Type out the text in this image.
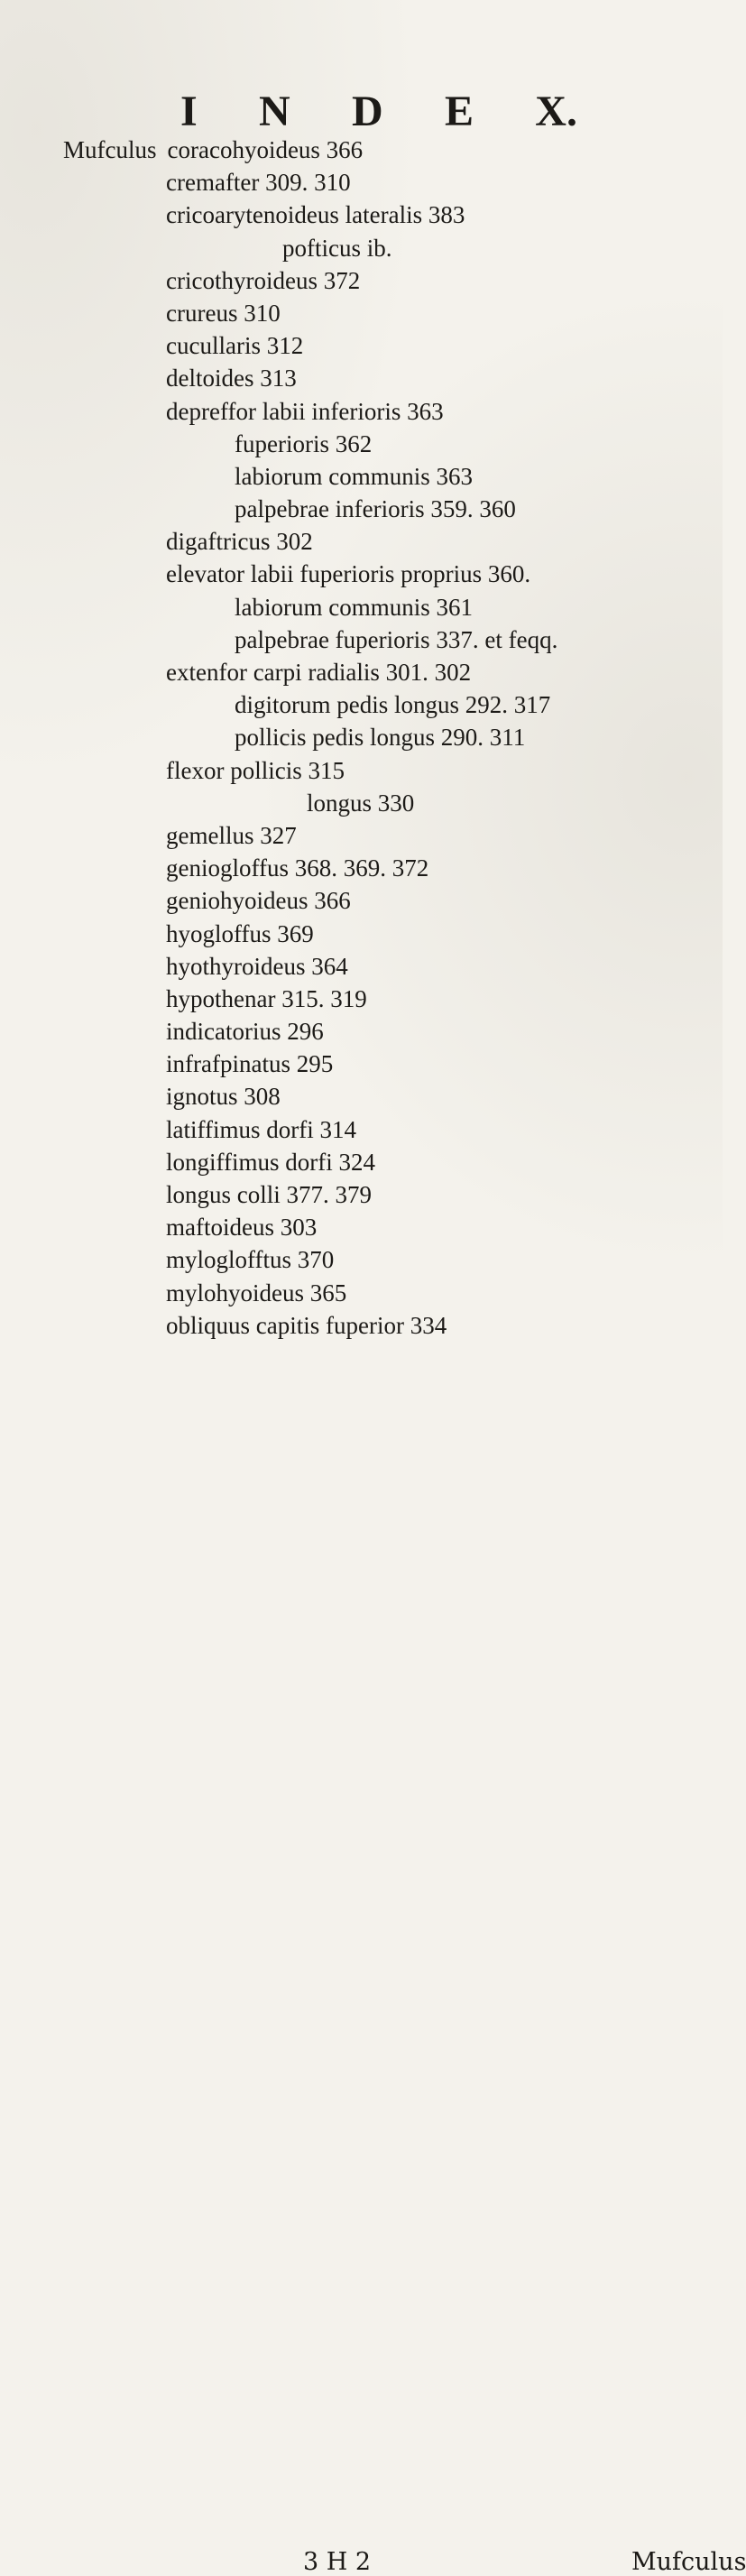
I N D E X.
Mufculus coracohyoideus 366
cremafter 309. 310
cricoarytenoideus lateralis 383
pofticus ib.
cricothyroideus 372
crureus 310
cucullaris 312
deltoides 313
depreffor labii inferioris 363
fuperioris 362
labiorum communis 363
palpebrae inferioris 359. 360
digaftricus 302
elevator labii fuperioris proprius 360.
labiorum communis 361
palpebrae fuperioris 337. et feqq.
extenfor carpi radialis 301. 302
digitorum pedis longus 292. 317
pollicis pedis longus 290. 311
flexor pollicis 315
longus 330
gemellus 327
geniogloffus 368. 369. 372
geniohyoideus 366
hyogloffus 369
hyothyroideus 364
hypothenar 315. 319
indicatorius 296
infrafpinatus 295
ignotus 308
latiffimus dorfi 314
longiffimus dorfi 324
longus colli 377. 379
maftoideus 303
myloglofftus 370
mylohyoideus 365
obliquus capitis fuperior 334
3 H 2	Mufculus
